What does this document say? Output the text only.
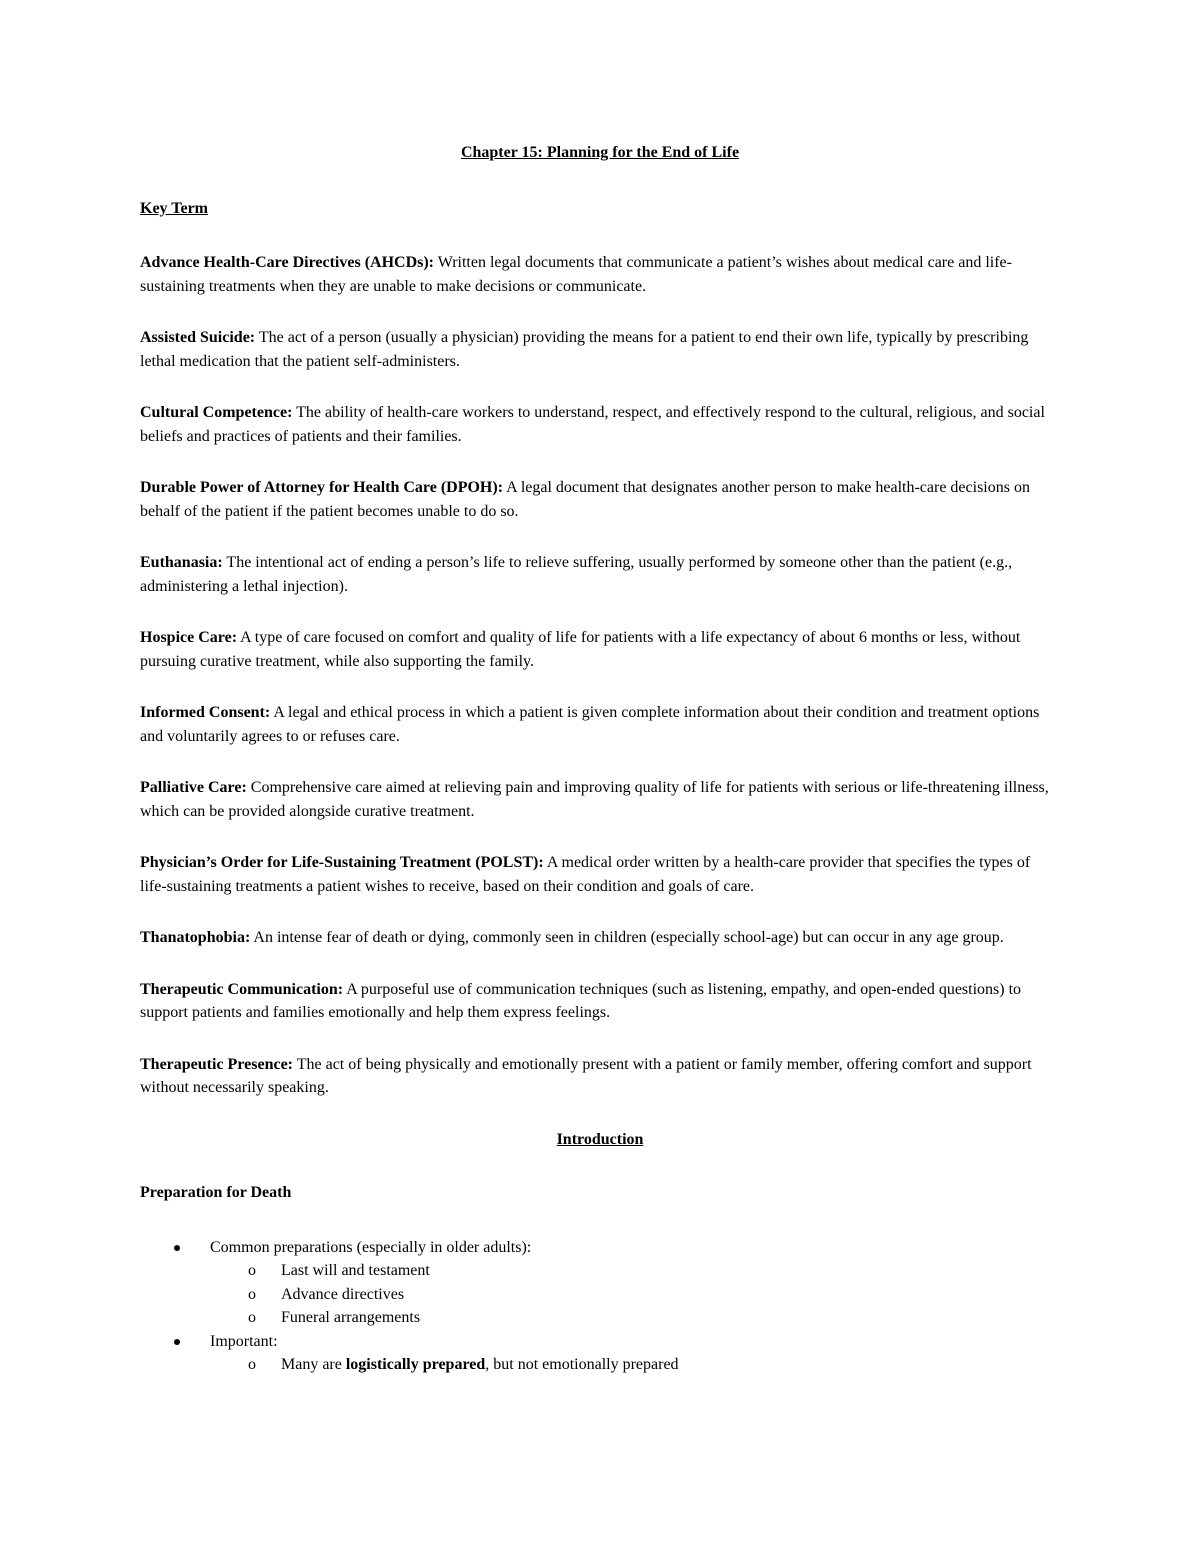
Chapter 15: Planning for the End of Life
Key Term
Advance Health-Care Directives (AHCDs): Written legal documents that communicate a patient’s wishes about medical care and life-sustaining treatments when they are unable to make decisions or communicate.
Assisted Suicide: The act of a person (usually a physician) providing the means for a patient to end their own life, typically by prescribing lethal medication that the patient self-administers.
Cultural Competence: The ability of health-care workers to understand, respect, and effectively respond to the cultural, religious, and social beliefs and practices of patients and their families.
Durable Power of Attorney for Health Care (DPOH): A legal document that designates another person to make health-care decisions on behalf of the patient if the patient becomes unable to do so.
Euthanasia: The intentional act of ending a person’s life to relieve suffering, usually performed by someone other than the patient (e.g., administering a lethal injection).
Hospice Care: A type of care focused on comfort and quality of life for patients with a life expectancy of about 6 months or less, without pursuing curative treatment, while also supporting the family.
Informed Consent: A legal and ethical process in which a patient is given complete information about their condition and treatment options and voluntarily agrees to or refuses care.
Palliative Care: Comprehensive care aimed at relieving pain and improving quality of life for patients with serious or life-threatening illness, which can be provided alongside curative treatment.
Physician’s Order for Life-Sustaining Treatment (POLST): A medical order written by a health-care provider that specifies the types of life-sustaining treatments a patient wishes to receive, based on their condition and goals of care.
Thanatophobia: An intense fear of death or dying, commonly seen in children (especially school-age) but can occur in any age group.
Therapeutic Communication: A purposeful use of communication techniques (such as listening, empathy, and open-ended questions) to support patients and families emotionally and help them express feelings.
Therapeutic Presence: The act of being physically and emotionally present with a patient or family member, offering comfort and support without necessarily speaking.
Introduction
Preparation for Death
Common preparations (especially in older adults):
o Last will and testament
o Advance directives
o Funeral arrangements
Important:
o Many are logistically prepared, but not emotionally prepared
